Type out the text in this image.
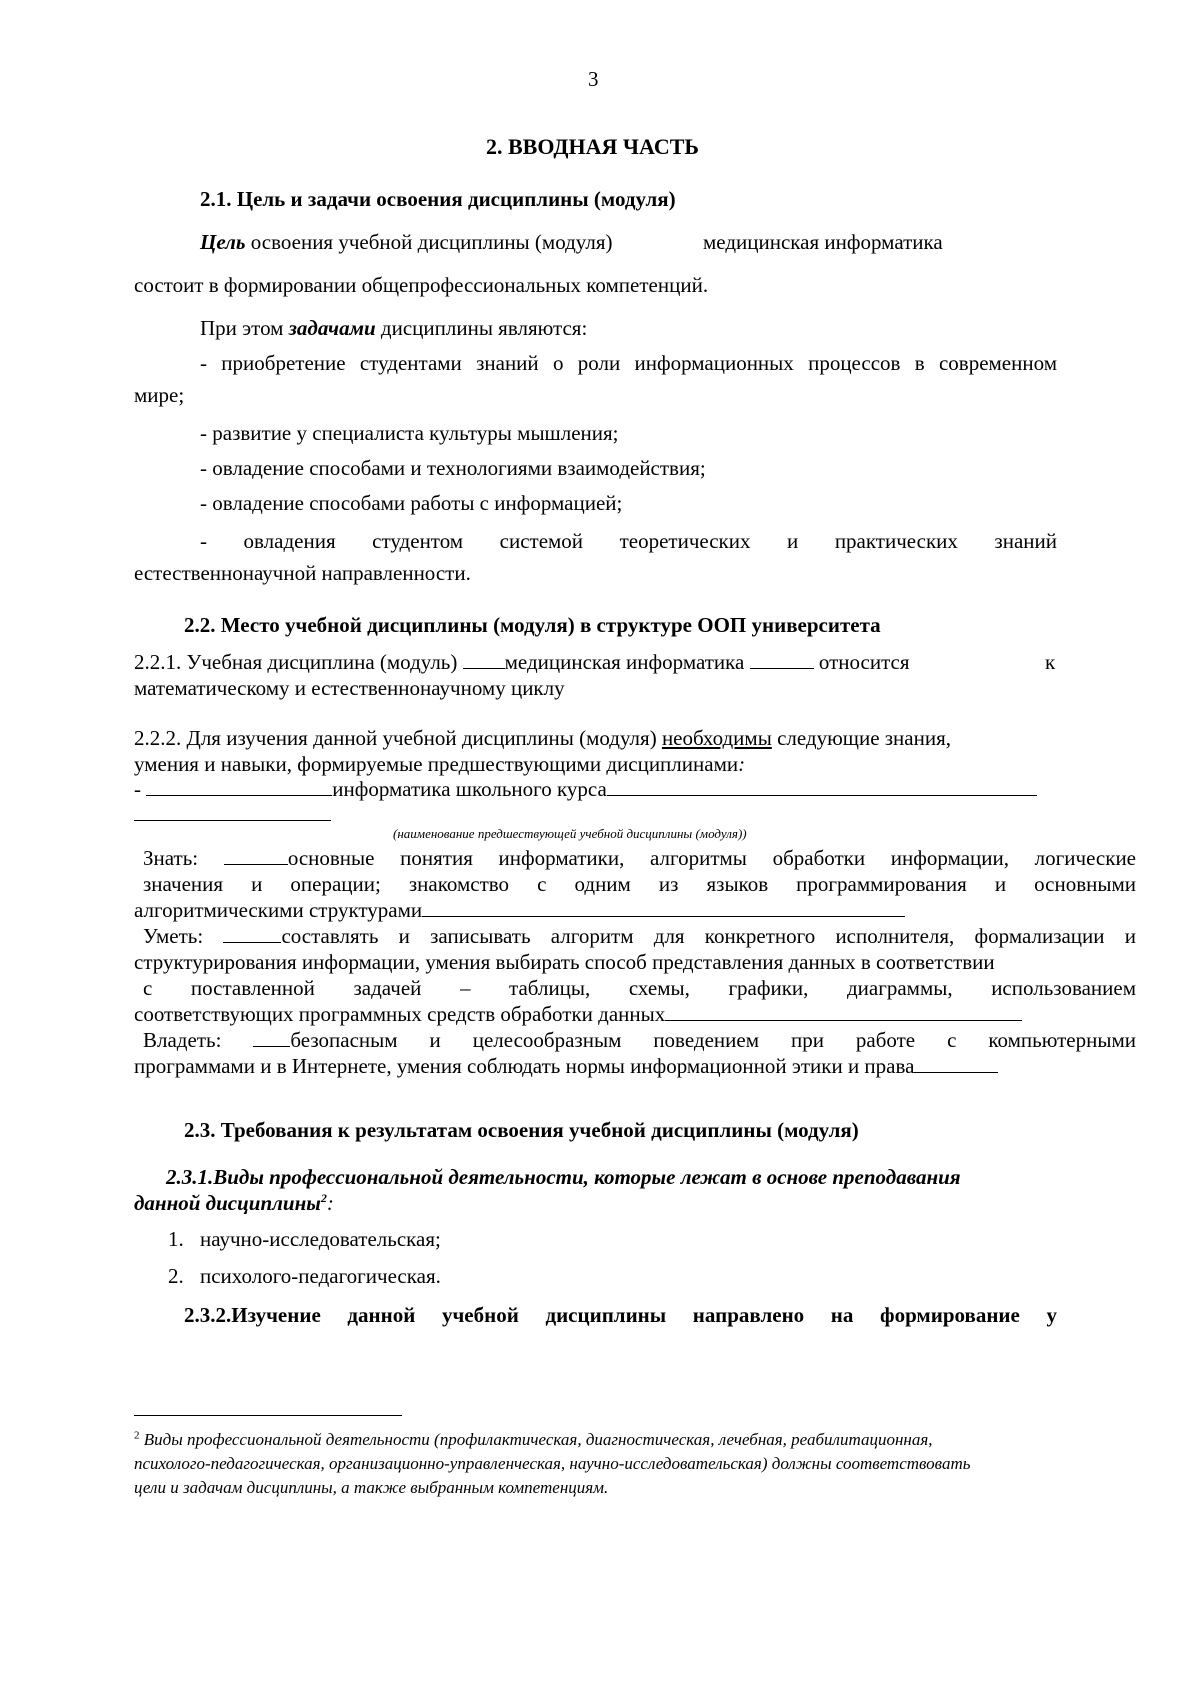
3
2. ВВОДНАЯ ЧАСТЬ
2.1. Цель и задачи освоения дисциплины (модуля)
Цель освоения учебной дисциплины (модуля)	медицинская информатика
состоит в формировании общепрофессиональных компетенций.
При этом задачами дисциплины являются:
- приобретение студентами знаний о роли информационных процессов в современном
мире;
- развитие у специалиста культуры мышления;
- овладение способами и технологиями взаимодействия;
- овладение способами работы с информацией;
- овладения студентом системой теоретических и практических знаний
естественнонаучной направленности.
2.2. Место учебной дисциплины (модуля) в структуре ООП университета
2.2.1. Учебная дисциплина (модуль) медицинская информатика	относится	к
математическому и естественнонаучному циклу
2.2.2. Для изучения данной учебной дисциплины (модуля) необходимы следующие знания,
умения и навыки, формируемые предшествующими дисциплинами:
-	информатика школьного курса
(наименование предшествующей учебной дисциплины (модуля))
Знать:	основные понятия информатики, алгоритмы обработки информации, логические
значения и операции; знакомство с одним из языков программирования и основными
алгоритмическими структурами
Уметь:	составлять и записывать алгоритм для конкретного исполнителя, формализации и
структурирования информации, умения выбирать способ представления данных в соответствии
с поставленной задачей – таблицы, схемы, графики, диаграммы, использованием
соответствующих программных средств обработки данных
Владеть: безопасным и целесообразным поведением при работе с компьютерными
программами и в Интернете, умения соблюдать нормы информационной этики и права
2.3. Требования к результатам освоения учебной дисциплины (модуля)
2.3.1.Виды профессиональной деятельности, которые лежат в основе преподавания
данной дисциплины$^2$:
1. научно-исследовательская;
2. психолого-педагогическая.
2.3.2.Изучение данной учебной дисциплины направлено на формирование у
$^2$ Виды профессиональной деятельности (профилактическая, диагностическая, лечебная, реабилитационная,
психолого-педагогическая, организационно-управленческая, научно-исследовательская) должны соответствовать
цели и задачам дисциплины, а также выбранным компетенциям.
